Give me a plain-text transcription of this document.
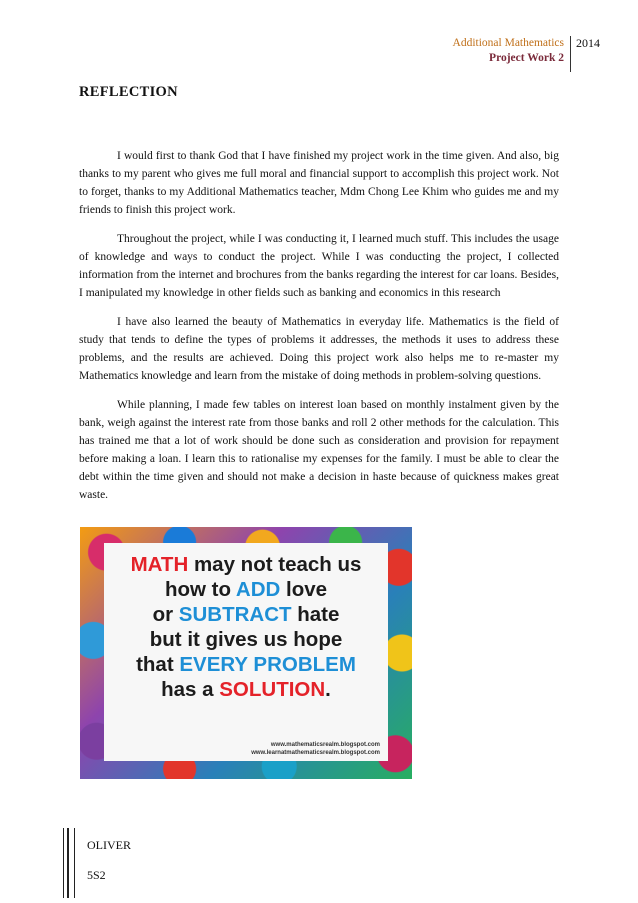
Additional Mathematics
Project Work 2
2014
REFLECTION

I would first to thank God that I have finished my project work in the time given. And also, big thanks to my parent who gives me full moral and financial support to accomplish this project work. Not to forget, thanks to my Additional Mathematics teacher, Mdm Chong Lee Khim who guides me and my friends to finish this project work.

Throughout the project, while I was conducting it, I learned much stuff. This includes the usage of knowledge and ways to conduct the project. While I was conducting the project, I collected information from the internet and brochures from the banks regarding the interest for car loans. Besides, I manipulated my knowledge in other fields such as banking and economics in this research

I have also learned the beauty of Mathematics in everyday life. Mathematics is the field of study that tends to define the types of problems it addresses, the methods it uses to address these problems, and the results are achieved. Doing this project work also helps me to re-master my Mathematics knowledge and learn from the mistake of doing methods in problem-solving questions.

While planning, I made few tables on interest loan based on monthly instalment given by the bank, weigh against the interest rate from those banks and roll 2 other methods for the calculation. This has trained me that a lot of work should be done such as consideration and provision for repayment before making a loan. I learn this to rationalise my expenses for the family. I must be able to clear the debt within the time given and should not make a decision in haste because of quickness makes great waste.

MATH may not teach us
how to ADD love
or SUBTRACT hate
but it gives us hope
that EVERY PROBLEM
has a SOLUTION.
www.mathematicsrealm.blogspot.com
www.learnatmathematicsrealm.blogspot.com
OLIVER
5S2
